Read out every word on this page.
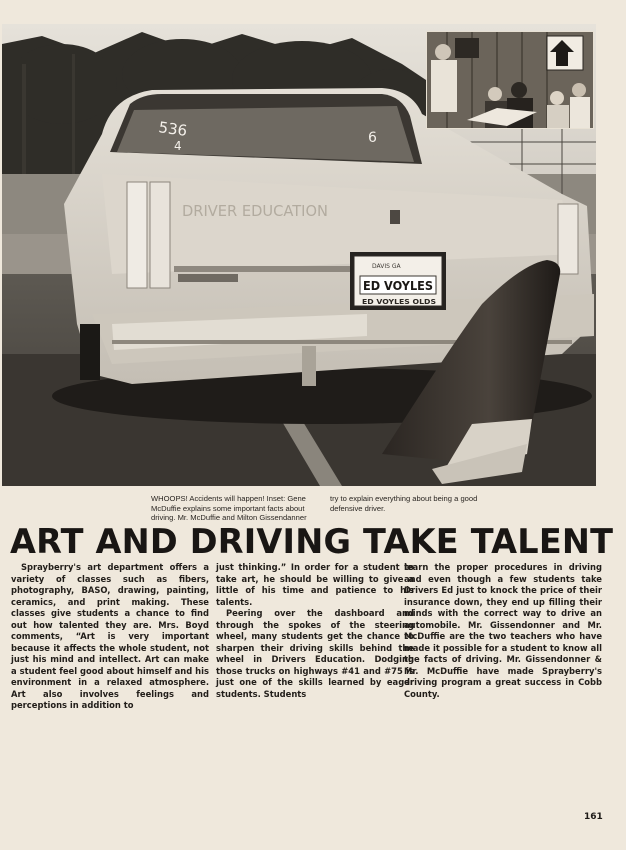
536
4	6
DRIVER EDUCATION
DAVIS GA
ED VOYLES
ED VOYLES OLDS
WHOOPS! Accidents will happen! Inset: Gene McDuffie explains some important facts about driving. Mr. McDuffie and Milton Gissendanner
try to explain everything about being a good defensive driver.
ART AND DRIVING TAKE TALENT

Sprayberry's art department offers a variety of classes such as fibers, photography, BASO, drawing, painting, ceramics, and print making. These classes give students a chance to find out how talented they are. Mrs. Boyd comments, “Art is very important because it affects the whole student, not just his mind and intellect. Art can make a student feel good about himself and his environment in a relaxed atmosphere. Art also involves feelings and perceptions in addition to

just thinking.” In order for a student to take art, he should be willing to give a little of his time and patience to his talents.

Peering over the dashboard and through the spokes of the steering wheel, many students get the chance to sharpen their driving skills behind the wheel in Drivers Education. Dodging those trucks on highways #41 and #75 is just one of the skills learned by eager students. Students

learn the proper procedures in driving and even though a few students take Drivers Ed just to knock the price of their insurance down, they end up filling their minds with the correct way to drive an automobile. Mr. Gissendonner and Mr. McDuffie are the two teachers who have made it possible for a student to know all the facts of driving. Mr. Gissendonner & Mr. McDuffie have made Sprayberry's driving program a great success in Cobb County.

161
